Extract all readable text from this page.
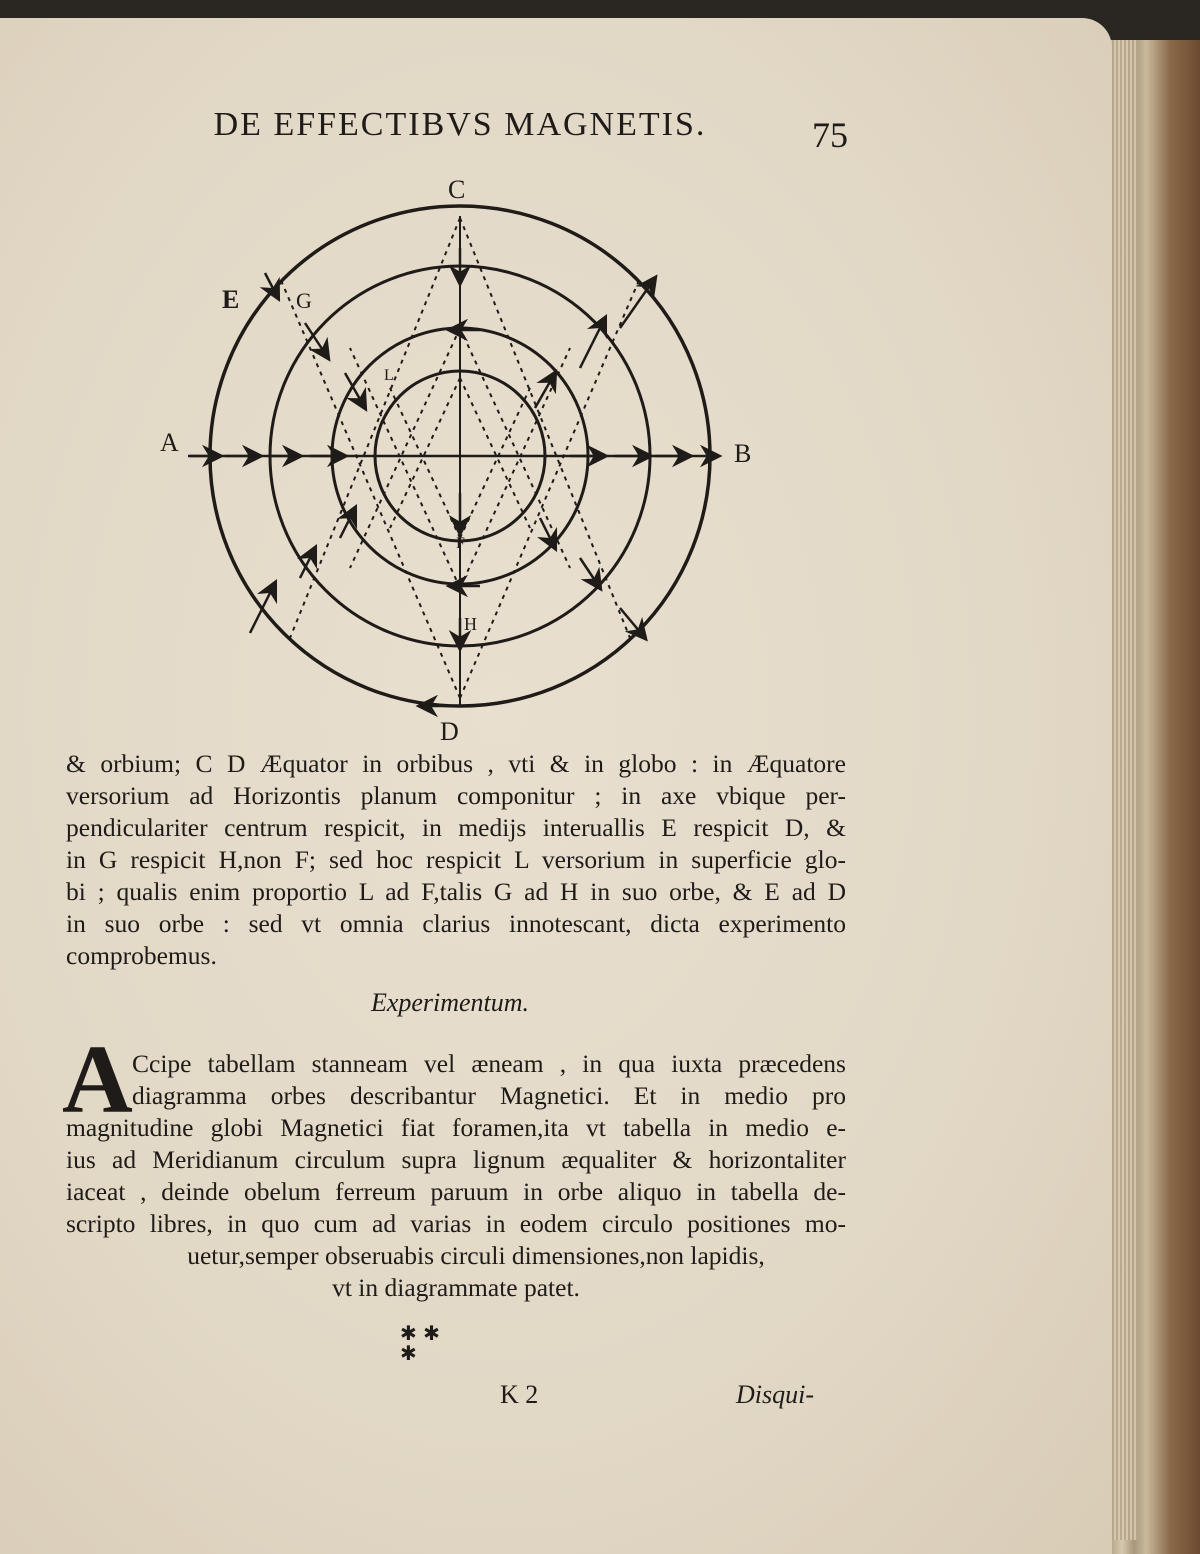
DE EFFECTIBVS MAGNETIS.	75
C
D
A	B
E	G
L
F
H
& orbium; C D Æquator in orbibus , vti & in globo : in Æquatore
versorium ad Horizontis planum componitur ; in axe vbique per-
pendiculariter centrum respicit, in medijs interuallis E respicit D, &
in G respicit H,non F; sed hoc respicit L versorium in superficie glo-
bi ; qualis enim proportio L ad F,talis G ad H in suo orbe, & E ad D
in suo orbe : sed vt omnia clarius innotescant, dicta experimento
comprobemus.
Experimentum.
A Ccipe tabellam stanneam vel æneam , in qua iuxta præcedens
diagramma orbes describantur Magnetici. Et in medio pro
magnitudine globi Magnetici fiat foramen,ita vt tabella in medio e-
ius ad Meridianum circulum supra lignum æqualiter & horizontaliter
iaceat , deinde obelum ferreum paruum in orbe aliquo in tabella de-
scripto libres, in quo cum ad varias in eodem circulo positiones mo-
uetur,semper obseruabis circuli dimensiones,non lapidis,
vt in diagrammate patet.
✱ ✱
✱
K 2	Disqui-
